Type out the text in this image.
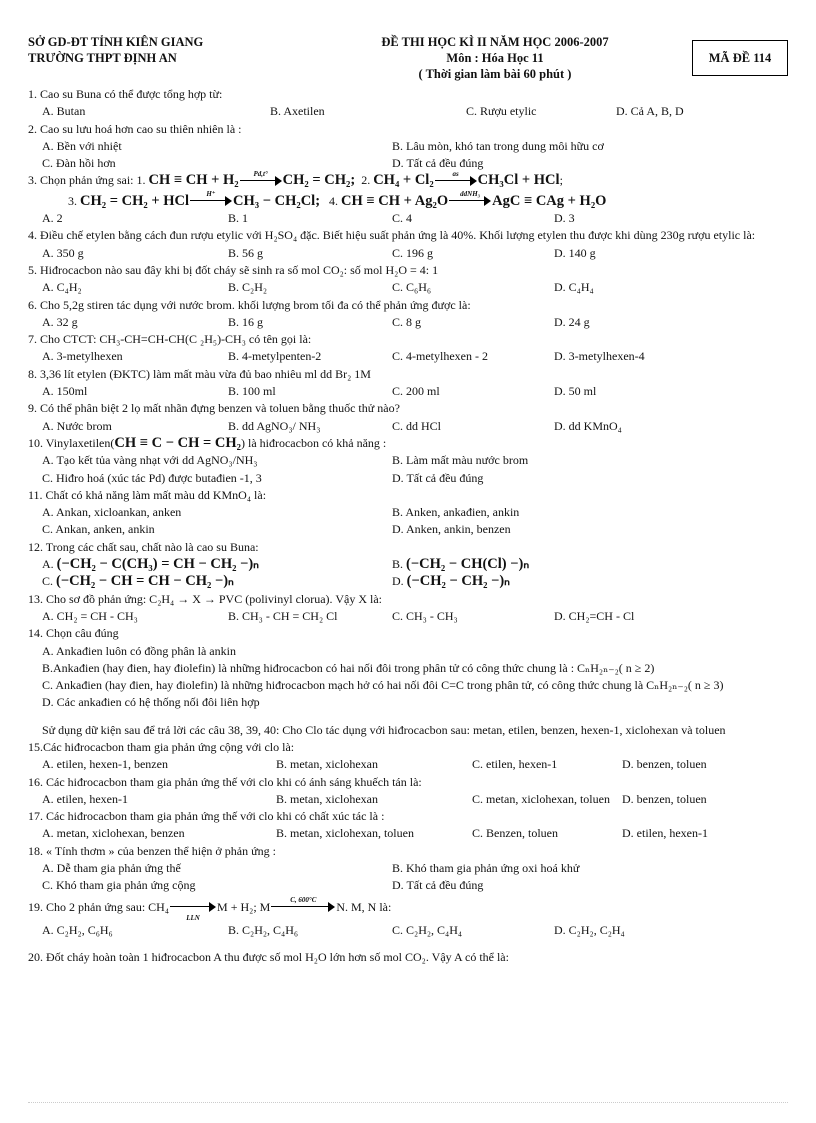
SỞ GD-ĐT TỈNH KIÊN GIANG
TRƯỜNG THPT ĐỊNH AN
ĐỀ THI HỌC KÌ II NĂM HỌC 2006-2007
Môn : Hóa Học 11
( Thời gian làm bài 60 phút )
MÃ ĐỀ 114
1. Cao su Buna có thể được tổng hợp từ:
A. Butan	B. Axetilen	C. Rượu etylic	D. Cả A, B, D
2. Cao su lưu hoá hơn cao su thiên nhiên là :
A. Bền với nhiệt	B. Lâu mòn, khó tan trong dung môi hữu cơ
C. Đàn hồi hơn	D. Tất cả đều đúng
3. Chọn phản ứng sai: 1.
CH ≡ CH + H₂	Pd,t°	CH₂ = CH₂;
2.
CH₄ + Cl₂	as	CH₃Cl + HCl ;
3.
CH₂ = CH₂ + HCl	H⁺	CH₃ − CH₂Cl;
4.
CH ≡ CH + Ag₂O	ddNH₃ AgC ≡ CAg + H₂O
A. 2	B. 1	C. 4	D. 3
4. Điều chế etylen bằng cách đun rượu etylic với H₂SO₄ đặc. Biết hiệu suất phản ứng là 40%. Khối lượng etylen thu được khi dùng 230g rượu etylic là:
A. 350 g	B. 56 g	C. 196 g	D. 140 g
5. Hiđrocacbon nào sau đây khi bị đốt cháy sẽ sinh ra số mol CO₂: số mol H₂O = 4: 1
A. C₄H₂	B. C₂H₂	C. C₆H₆	D. C₄H₄
6. Cho 5,2g stiren tác dụng với nước brom. khối lượng brom tối đa có thể phản ứng được là:
A. 32 g	B. 16 g	C. 8 g	D. 24 g
7. Cho CTCT: CH₃-CH=CH-CH(C ₂H₅)-CH₃ có tên gọi là:
A. 3-metylhexen	B. 4-metylpenten-2	C. 4-metylhexen - 2	D. 3-metylhexen-4
8. 3,36 lít etylen (ĐKTC) làm mất màu vừa đủ bao nhiêu ml dd Br₂ 1M
A. 150ml	B. 100 ml	C. 200 ml	D. 50 ml
9. Có thể phân biệt 2 lọ mất nhãn đựng benzen và toluen bằng thuốc thử nào?
A. Nước brom	B. dd AgNO₃/ NH₃	C. dd HCl	D. dd KMnO₄
10. Vinylaxetilen(CH ≡ C − CH = CH₂) là hiđrocacbon có khả năng :
A. Tạo kết tủa vàng nhạt với dd AgNO₃/NH₃	B. Làm mất màu nước brom
C. Hiđro hoá (xúc tác Pd) được butađien -1, 3	D. Tất cả đều đúng
11. Chất có khả năng làm mất màu dd KMnO₄ là:
A. Ankan, xicloankan, anken	B. Anken, ankađien, ankin
C. Ankan, anken, ankin	D. Anken, ankin, benzen
12. Trong các chất sau, chất nào là cao su Buna:
A. (−CH₂ − C(CH₃) = CH − CH₂ −)ₙ	B. (−CH₂ − CH(Cl) −)ₙ
C. (−CH₂ − CH = CH − CH₂ −)ₙ	D. (−CH₂ − CH₂ −)ₙ
13. Cho sơ đồ phản ứng: C₂H₄ → X → PVC (polivinyl clorua). Vậy X là:
A. CH₂ = CH - CH₃	B. CH₃ - CH = CH₂ Cl	C. CH₃ - CH₃	D. CH₂=CH - Cl
14. Chọn câu đúng
A. Ankađien luôn có đồng phân là ankin
B.Ankađien (hay đien, hay điolefin) là những hiđrocacbon có hai nối đôi trong phân tử có công thức chung là : CₙH₂ₙ₋₂( n ≥ 2)
C. Ankađien (hay đien, hay điolefin) là những hiđrocacbon mạch hở có hai nối đôi C=C trong phân tử, có công thức chung là CₙH₂ₙ₋₂( n ≥ 3)
D. Các ankađien có hệ thống nối đôi liên hợp
Sử dụng dữ kiện sau để trả lời các câu 38, 39, 40: Cho Clo tác dụng với hiđrocacbon sau: metan, etilen, benzen, hexen-1, xiclohexan và toluen
15.Các hiđrocacbon tham gia phản ứng cộng với clo là:
A. etilen, hexen-1, benzen	B. metan, xiclohexan	C. etilen, hexen-1	D. benzen, toluen
16. Các hiđrocacbon tham gia phản ứng thế với clo khi có ánh sáng khuếch tán là:
A. etilen, hexen-1	B. metan, xiclohexan	C. metan, xiclohexan, toluen	D. benzen, toluen
17. Các hiđrocacbon tham gia phản ứng thế với clo khi có chất xúc tác là :
A. metan, xiclohexan, benzen	B. metan, xiclohexan, toluen	C. Benzen, toluen	D. etilen, hexen-1
18. « Tính thơm » của benzen thể hiện ở phản ứng :
A. Dễ tham gia phản ứng thế	B. Khó tham gia phản ứng oxi hoá khử
C. Khó tham gia phản ứng cộng	D. Tất cả đều đúng
19. Cho 2 phản ứng sau: CH₄
LLN
M + H₂; M	C, 600°C	N. M, N là:
A. C₂H₂, C₆H₆	B. C₂H₂, C₄H₆	C. C₂H₂, C₄H₄	D. C₂H₂, C₂H₄
20. Đốt cháy hoàn toàn 1 hiđrocacbon A thu được số mol H₂O lớn hơn số mol CO₂. Vậy A có thể là:
